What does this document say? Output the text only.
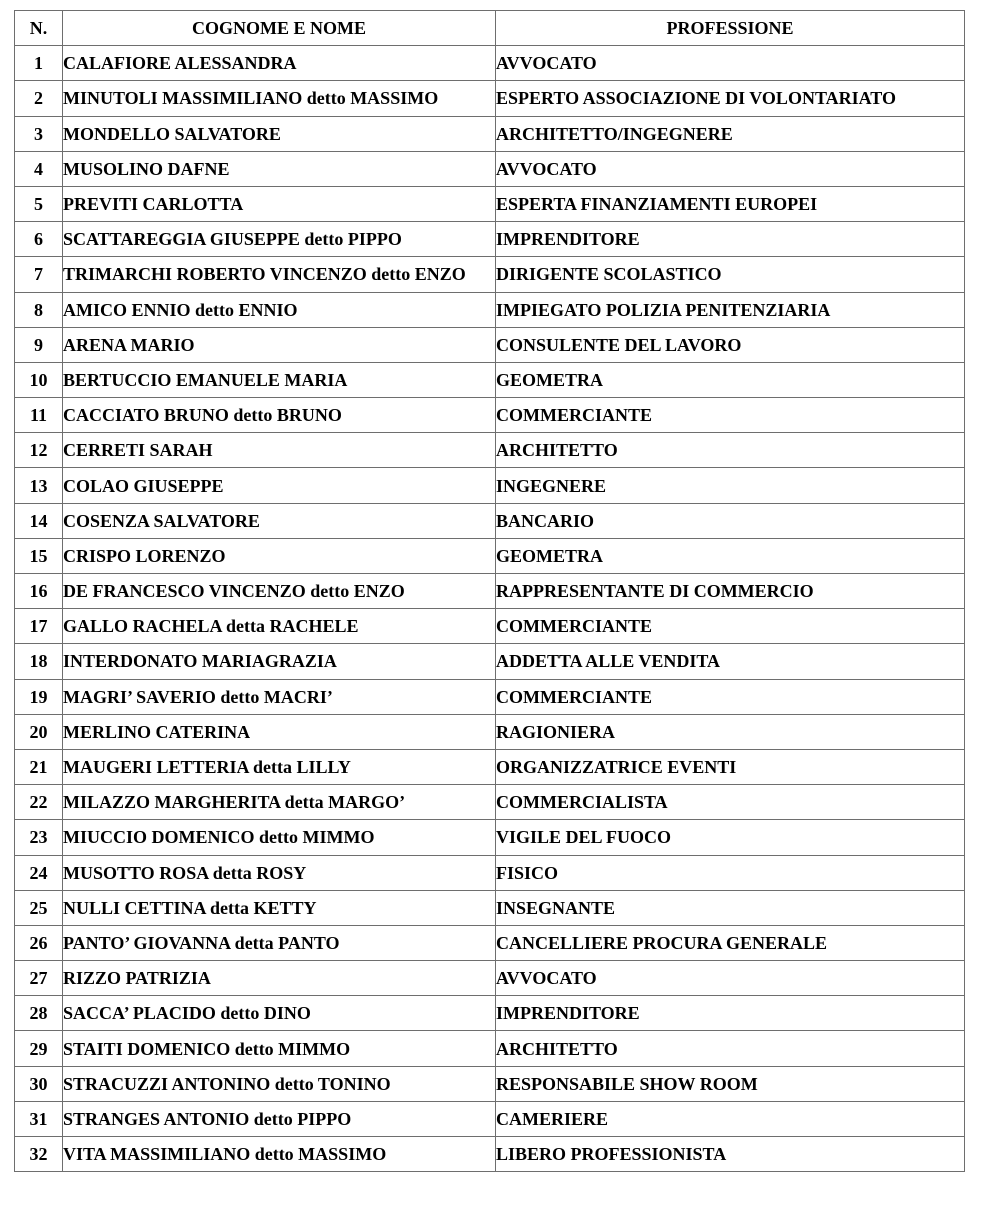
N.	COGNOME E NOME	PROFESSIONE
1	CALAFIORE ALESSANDRA	AVVOCATO
2	MINUTOLI MASSIMILIANO detto MASSIMO	ESPERTO ASSOCIAZIONE DI VOLONTARIATO
3	MONDELLO SALVATORE	ARCHITETTO/INGEGNERE
4	MUSOLINO DAFNE	AVVOCATO
5	PREVITI CARLOTTA	ESPERTA FINANZIAMENTI EUROPEI
6	SCATTAREGGIA GIUSEPPE detto PIPPO	IMPRENDITORE
7	TRIMARCHI ROBERTO VINCENZO detto ENZO	DIRIGENTE SCOLASTICO
8	AMICO ENNIO detto ENNIO	IMPIEGATO POLIZIA PENITENZIARIA
9	ARENA MARIO	CONSULENTE DEL LAVORO
10	BERTUCCIO EMANUELE MARIA	GEOMETRA
11	CACCIATO BRUNO detto BRUNO	COMMERCIANTE
12	CERRETI SARAH	ARCHITETTO
13	COLAO GIUSEPPE	INGEGNERE
14	COSENZA SALVATORE	BANCARIO
15	CRISPO LORENZO	GEOMETRA
16	DE FRANCESCO VINCENZO detto ENZO	RAPPRESENTANTE DI COMMERCIO
17	GALLO RACHELA detta RACHELE	COMMERCIANTE
18	INTERDONATO MARIAGRAZIA	ADDETTA ALLE VENDITA
19	MAGRI’ SAVERIO detto MACRI’	COMMERCIANTE
20	MERLINO CATERINA	RAGIONIERA
21	MAUGERI LETTERIA detta LILLY	ORGANIZZATRICE EVENTI
22	MILAZZO MARGHERITA detta MARGO’	COMMERCIALISTA
23	MIUCCIO DOMENICO detto MIMMO	VIGILE DEL FUOCO
24	MUSOTTO ROSA detta ROSY	FISICO
25	NULLI CETTINA detta KETTY	INSEGNANTE
26	PANTO’ GIOVANNA detta PANTO	CANCELLIERE PROCURA GENERALE
27	RIZZO PATRIZIA	AVVOCATO
28	SACCA’ PLACIDO detto DINO	IMPRENDITORE
29	STAITI DOMENICO detto MIMMO	ARCHITETTO
30	STRACUZZI ANTONINO detto TONINO	RESPONSABILE SHOW ROOM
31	STRANGES ANTONIO detto PIPPO	CAMERIERE
32	VITA MASSIMILIANO detto MASSIMO	LIBERO PROFESSIONISTA
